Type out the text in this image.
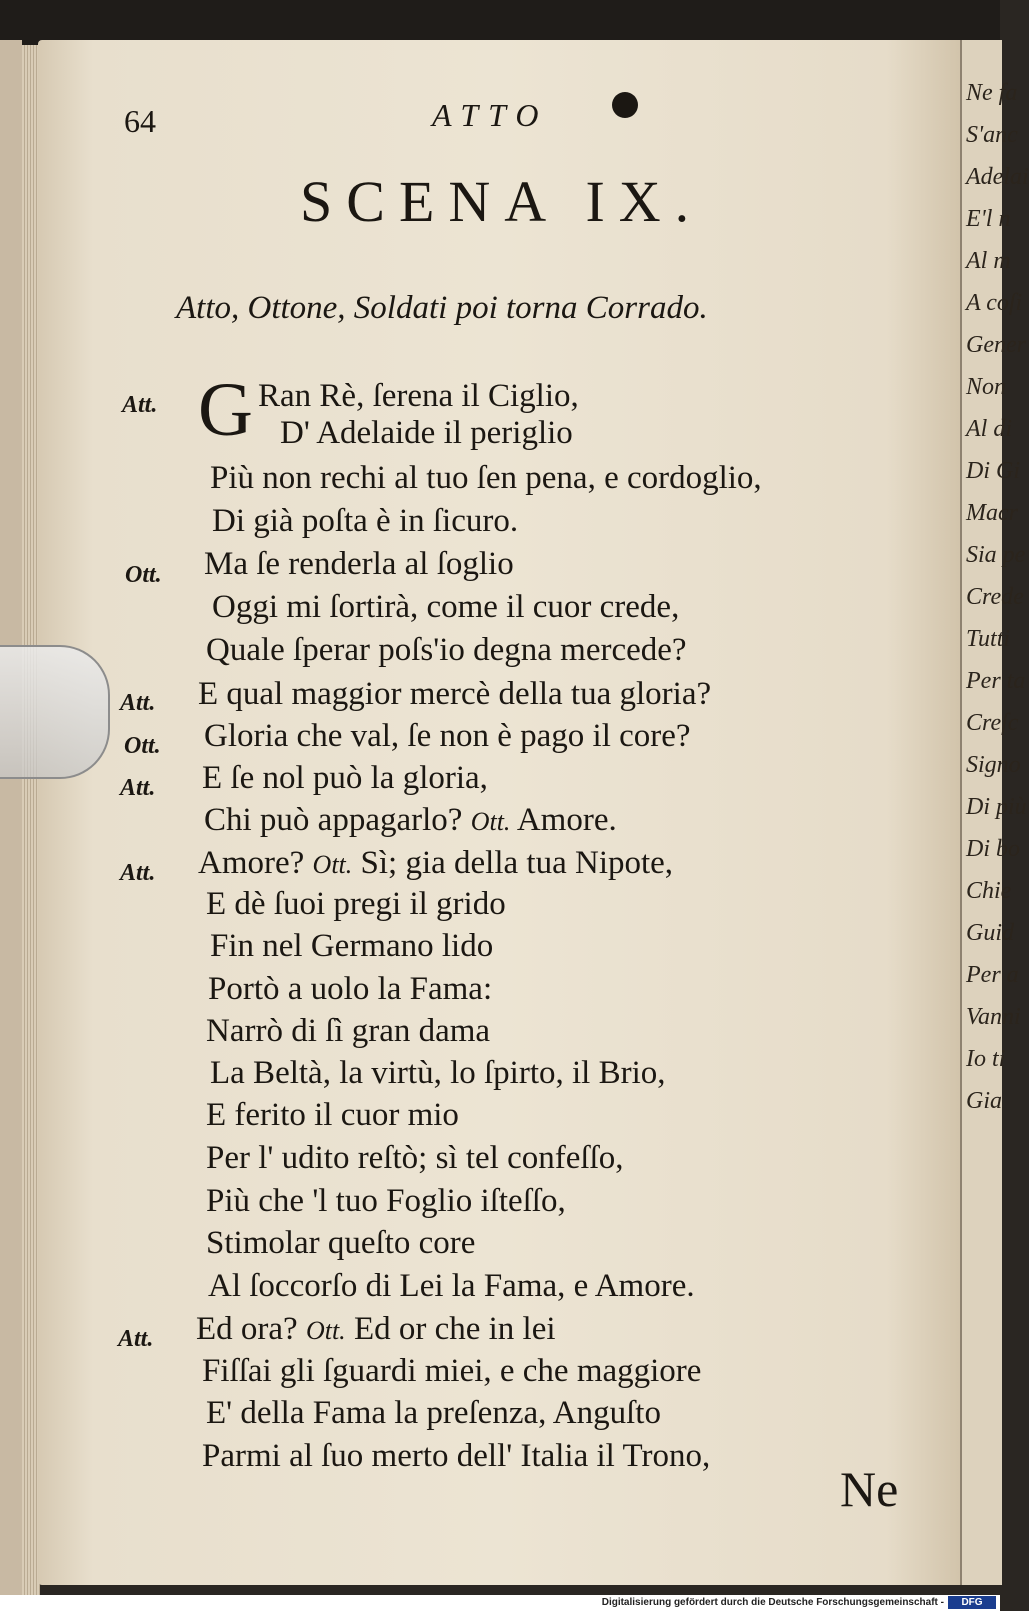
Ne fa
S'anc
Adelai
E'l n
Al m
A coſi
Gener
Non
Al di
Di Gi
Macr
Sia pe
Crede
Tutti
Per ta
Creſc
Signo
Di più
Di bo
Chie
Guid
Per a
Vanni
Io ti
Gia
64	ATTO
SCENA IX.
Atto, Ottone, Soldati poi torna Corrado.
G
Att.
Ott.
Att.
Ott.
Att.
Att.
Att.
Ran Rè, ſerena il Ciglio,
D' Adelaide il periglio
Più non rechi al tuo ſen pena, e cordoglio,
Di già poſta è in ſicuro.
Ma ſe renderla al ſoglio
Oggi mi ſortirà, come il cuor crede,
Quale ſperar poſs'io degna mercede?
E qual maggior mercè della tua gloria?
Gloria che val, ſe non è pago il core?
E ſe nol può la gloria,
Chi può appagarlo? Ott. Amore.
Amore? Ott. Sì; gia della tua Nipote,
E dè ſuoi pregi il grido
Fin nel Germano lido
Portò a uolo la Fama:
Narrò di ſì gran dama
La Beltà, la virtù, lo ſpirto, il Brio,
E ferito il cuor mio
Per l' udito reſtò; sì tel confeſſo,
Più che 'l tuo Foglio iſteſſo,
Stimolar queſto core
Al ſoccorſo di Lei la Fama, e Amore.
Ed ora? Ott. Ed or che in lei
Fiſſai gli ſguardi miei, e che maggiore
E' della Fama la preſenza, Anguſto
Parmi al ſuo merto dell' Italia il Trono,
Ne
Digitalisierung gefördert durch die Deutsche Forschungsgemeinschaft -	DFG
